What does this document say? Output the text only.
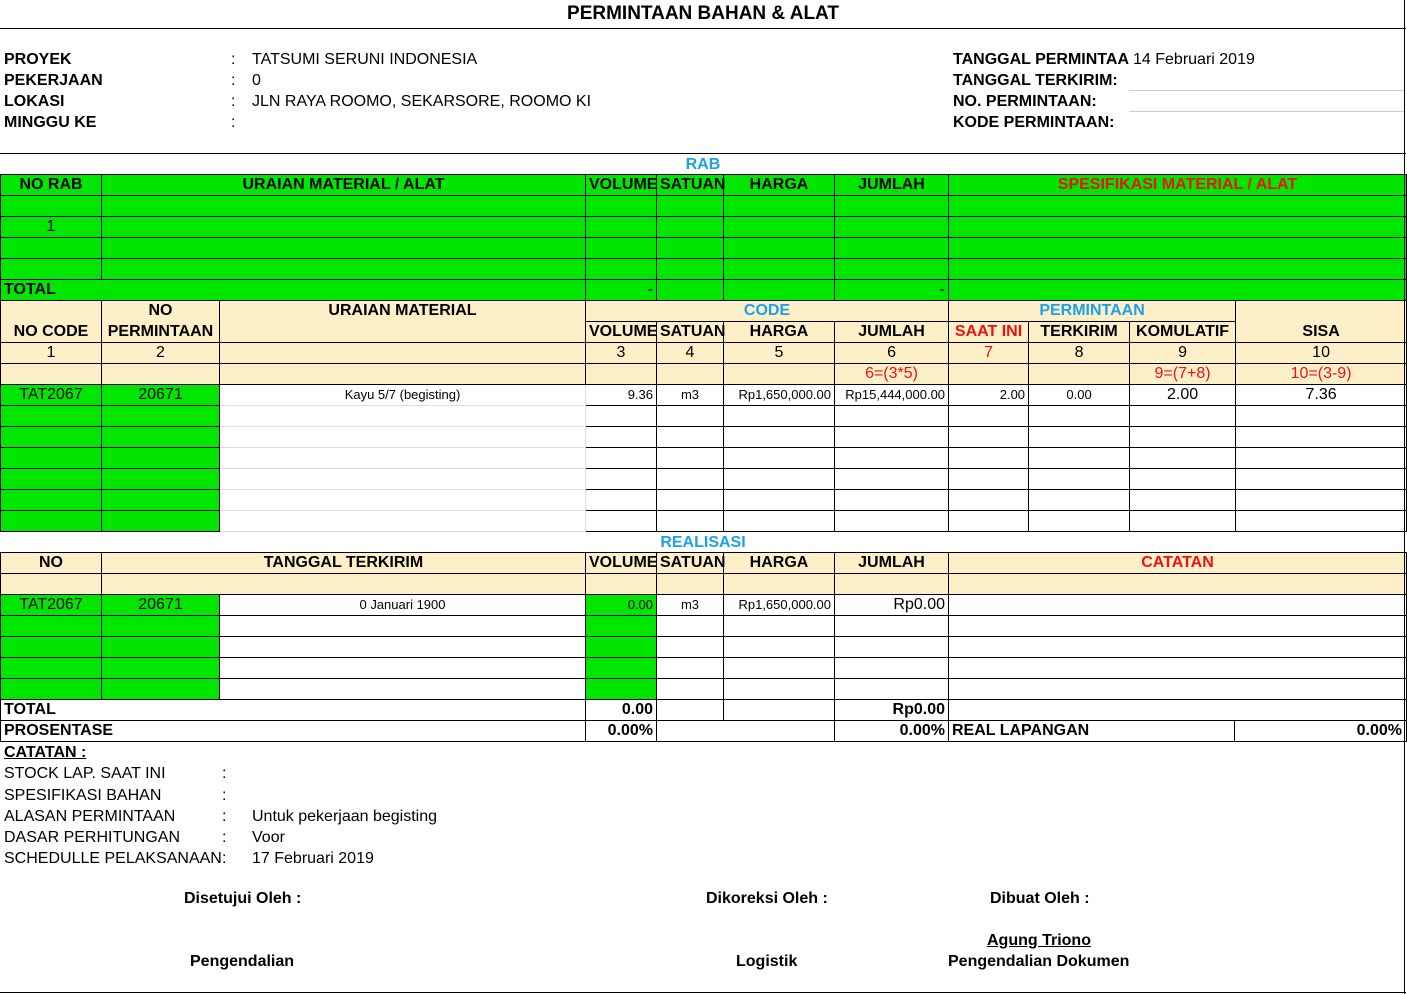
PERMINTAAN BAHAN & ALAT
PROYEK	: TATSUMI SERUNI INDONESIA
PEKERJAAN	: 0
LOKASI	: JLN RAYA ROOMO, SEKARSORE, ROOMO KI
MINGGU KE	:
TANGGAL PERMINTAA 14 Februari 2019
TANGGAL TERKIRIM:
NO. PERMINTAAN:
KODE PERMINTAAN:
RAB
NO RAB	URAIAN MATERIAL / ALAT	VOLUME	SATUAN	HARGA	JUMLAH	SPESIFIKASI MATERIAL / ALAT

1						

TOTAL		-			-	
	NO	URAIAN MATERIAL	CODE				PERMINTAAN			
NO CODE	PERMINTAAN		VOLUME	SATUAN	HARGA	JUMLAH	SAAT INI	TERKIRIM	KOMULATIF	SISA
1	2		3	4	5	6	7	8	9	10
						6=(3*5)			9=(7+8)	10=(3-9)
TAT2067	20671	Kayu 5/7 (begisting)	9.36	m3	Rp1,650,000.00	Rp15,444,000.00	2.00	0.00	2.00	7.36

REALISASI
NO	TANGGAL TERKIRIM		VOLUME	SATUAN	HARGA	JUMLAH	CATATAN

TAT2067	20671	0 Januari 1900	0.00	m3	Rp1,650,000.00	Rp0.00	

TOTAL			0.00			Rp0.00	
PROSENTASE			0.00%			0.00%	REAL LAPANGAN 0.00%
CATATAN :
STOCK LAP. SAAT INI	:
SPESIFIKASI BAHAN	:
ALASAN PERMINTAAN	: Untuk pekerjaan begisting
DASAR PERHITUNGAN	: Voor
SCHEDULLE PELAKSANAAN : 17 Februari 2019
Disetujui Oleh :
Pengendalian
Dikoreksi Oleh :
Logistik
Dibuat Oleh :
Agung Triono
Pengendalian Dokumen
